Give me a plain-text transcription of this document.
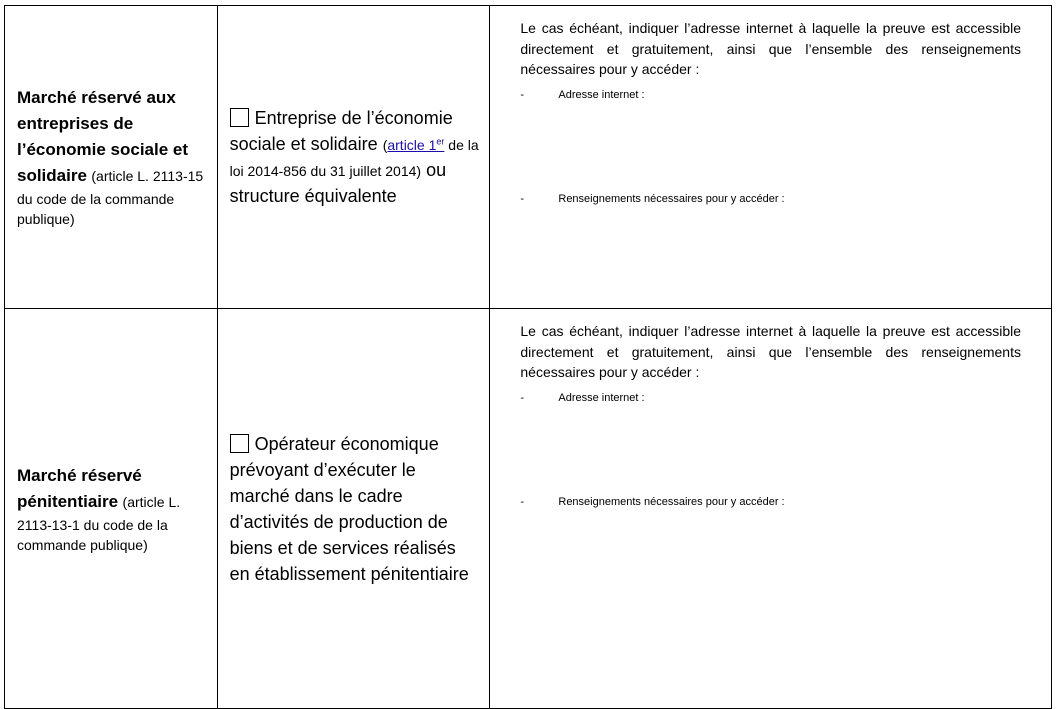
Marché réservé aux entreprises de l’économie sociale et solidaire (article L. 2113-15 du code de la commande publique)	Entreprise de l’économie sociale et solidaire (article 1er de la loi 2014-856 du 31 juillet 2014) ou structure équivalente	Le cas échéant, indiquer l’adresse internet à laquelle la preuve est accessible directement et gratuitement, ainsi que l’ensemble des renseignements nécessaires pour y accéder :

- Adresse internet :
- Renseignements nécessaires pour y accéder :

Marché réservé pénitentiaire (article L. 2113-13-1 du code de la commande publique)	Opérateur économique prévoyant d’exécuter le marché dans le cadre d’activités de production de biens et de services réalisés en établissement pénitentiaire	Le cas échéant, indiquer l’adresse internet à laquelle la preuve est accessible directement et gratuitement, ainsi que l’ensemble des renseignements nécessaires pour y accéder :

- Adresse internet :
- Renseignements nécessaires pour y accéder :
